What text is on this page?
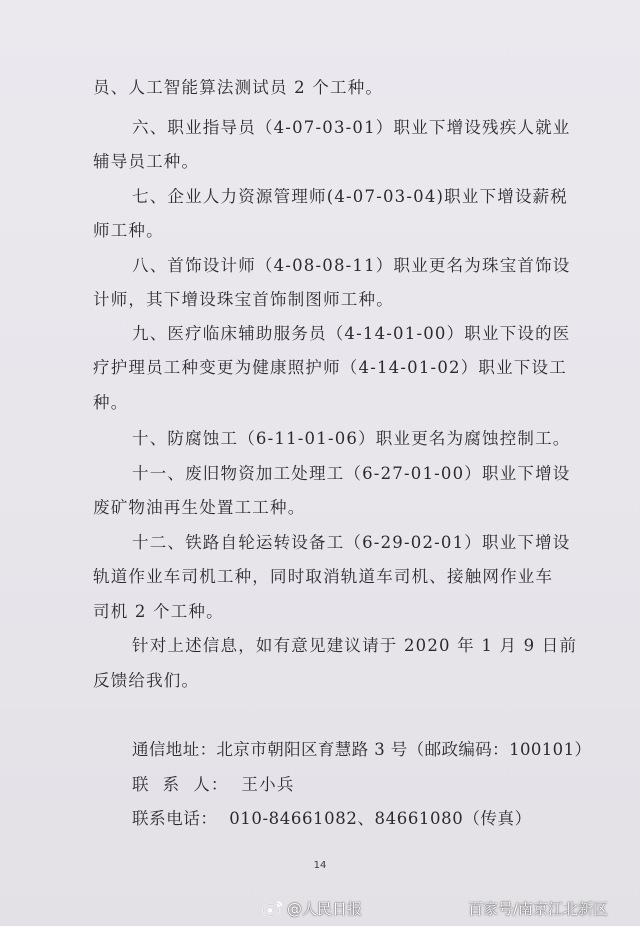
员、人工智能算法测试员 2 个工种。
六、职业指导员（4-07-03-01）职业下增设残疾人就业
辅导员工种。
七、企业人力资源管理师(4-07-03-04)职业下增设薪税
师工种。
八、首饰设计师（4-08-08-11）职业更名为珠宝首饰设
计师，其下增设珠宝首饰制图师工种。
九、医疗临床辅助服务员（4-14-01-00）职业下设的医
疗护理员工种变更为健康照护师（4-14-01-02）职业下设工
种。
十、防腐蚀工（6-11-01-06）职业更名为腐蚀控制工。
十一、废旧物资加工处理工（6-27-01-00）职业下增设
废矿物油再生处置工工种。
十二、铁路自轮运转设备工（6-29-02-01）职业下增设
轨道作业车司机工种，同时取消轨道车司机、接触网作业车
司机 2 个工种。
针对上述信息，如有意见建议请于 2020 年 1 月 9 日前
反馈给我们。
通信地址：北京市朝阳区育慧路 3 号（邮政编码：100101）
联  系  人：  王小兵
联系电话：  010-84661082、84661080（传真）
14
@人民日报	百家号/南京江北新区
